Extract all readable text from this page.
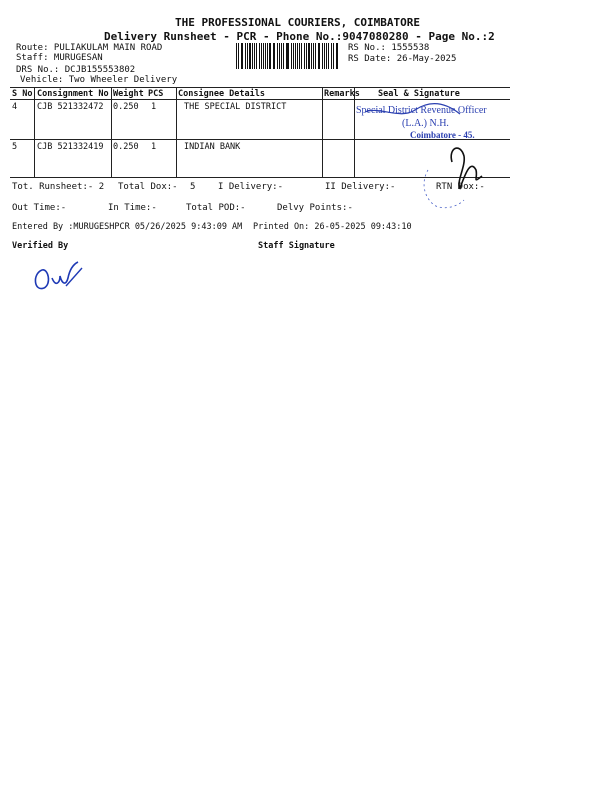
THE PROFESSIONAL COURIERS, COIMBATORE
Delivery Runsheet - PCR - Phone No.:9047080280 - Page No.:2
Route: PULIAKULAM MAIN ROAD
Staff: MURUGESAN
DRS No.: DCJB155553802
Vehicle: Two Wheeler Delivery
RS No.: 1555538
RS Date: 26-May-2025
S No Consignment No Weight PCS Consignee Details	Remarks Seal & Signature
4 CJB 521332472 0.250 1	THE SPECIAL DISTRICT
5 CJB 521332419 0.250 1	INDIAN BANK
Special District Revenue Officer
(L.A.) N.H.
Coimbatore - 45.
Tot. Runsheet:- 2 Total Dox:- 5	I Delivery:-	II Delivery:-	RTN Dox:-
Out Time:-	In Time:-	Total POD:-	Delvy Points:-
Entered By :MURUGESHPCR 05/26/2025 9:43:09 AM Printed On: 26-05-2025 09:43:10
Verified By	Staff Signature
